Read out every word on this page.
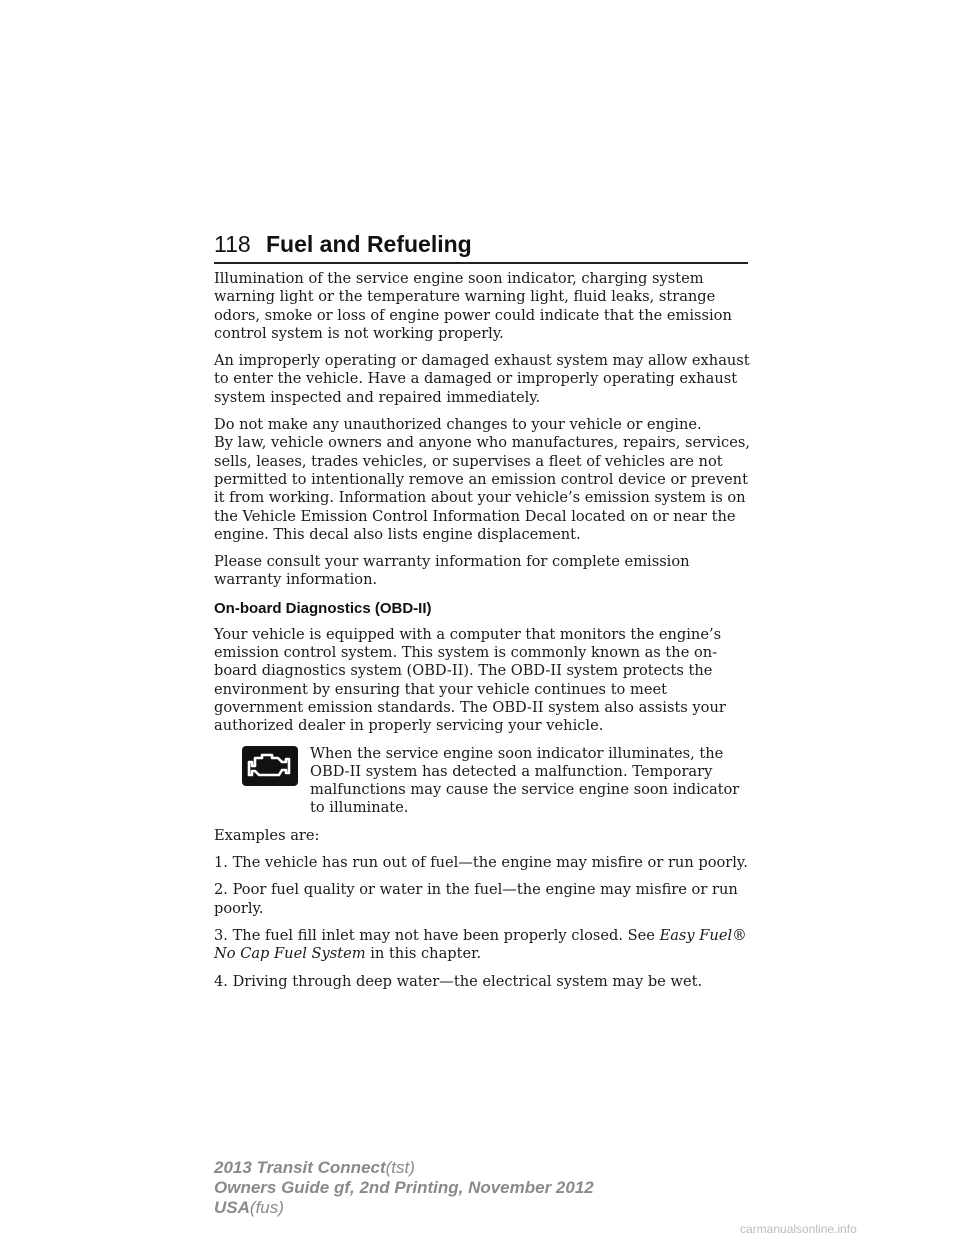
118 Fuel and Refueling

Illumination of the service engine soon indicator, charging system warning light or the temperature warning light, fluid leaks, strange odors, smoke or loss of engine power could indicate that the emission control system is not working properly.

An improperly operating or damaged exhaust system may allow exhaust to enter the vehicle. Have a damaged or improperly operating exhaust system inspected and repaired immediately.

Do not make any unauthorized changes to your vehicle or engine.

By law, vehicle owners and anyone who manufactures, repairs, services, sells, leases, trades vehicles, or supervises a fleet of vehicles are not permitted to intentionally remove an emission control device or prevent it from working. Information about your vehicle’s emission system is on the Vehicle Emission Control Information Decal located on or near the engine. This decal also lists engine displacement.

Please consult your warranty information for complete emission warranty information.

On-board Diagnostics (OBD-II)

Your vehicle is equipped with a computer that monitors the engine’s emission control system. This system is commonly known as the on-board diagnostics system (OBD-II). The OBD-II system protects the environment by ensuring that your vehicle continues to meet government emission standards. The OBD-II system also assists your authorized dealer in properly servicing your vehicle.

When the service engine soon indicator illuminates, the OBD-II system has detected a malfunction. Temporary malfunctions may cause the service engine soon indicator to illuminate.

Examples are:

1. The vehicle has run out of fuel—the engine may misfire or run poorly.

2. Poor fuel quality or water in the fuel—the engine may misfire or run poorly.

3. The fuel fill inlet may not have been properly closed. See Easy Fuel® No Cap Fuel System in this chapter.

4. Driving through deep water—the electrical system may be wet.

2013 Transit Connect(tst)
Owners Guide gf, 2nd Printing, November 2012
USA(fus)
carmanualsonline.info
